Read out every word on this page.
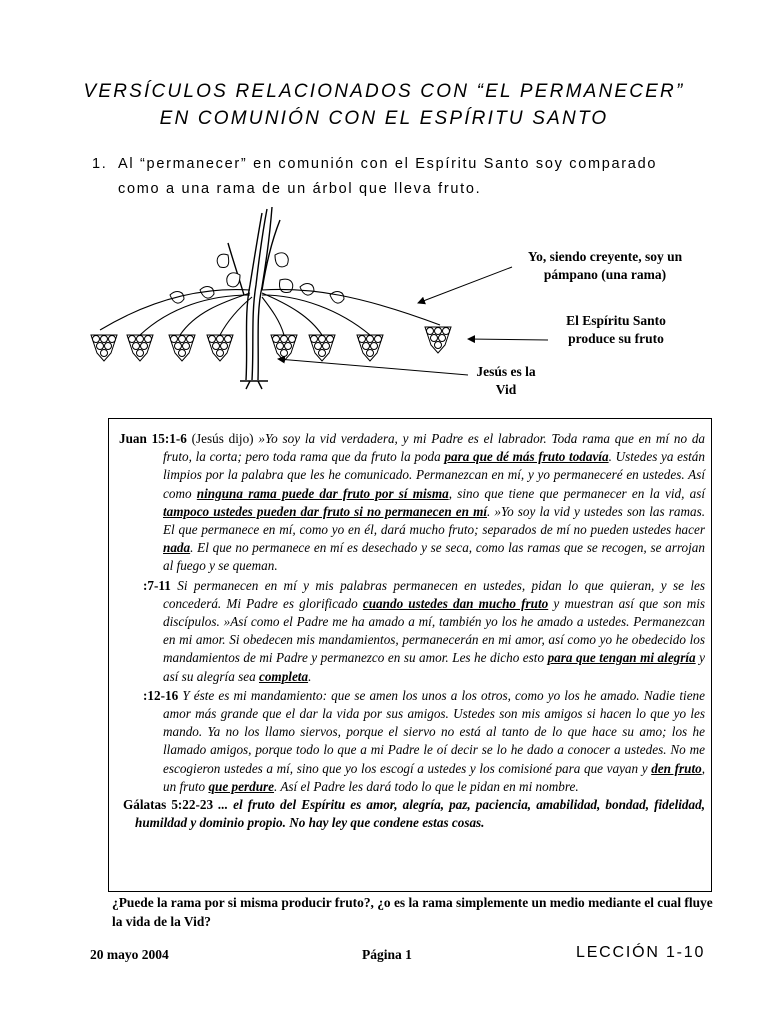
VERSÍCULOS RELACIONADOS CON “EL PERMANECER”
EN COMUNIÓN CON EL ESPÍRITU SANTO
1. Al “permanecer” en comunión con el Espíritu Santo soy comparado
como a una rama de un árbol que lleva fruto.
Yo, siendo creyente, soy un pámpano (una rama)
El Espíritu Santo produce su fruto
Jesús es la Vid
Juan 15:1-6 (Jesús dijo) »Yo soy la vid verdadera, y mi Padre es el labrador. Toda rama que en mí no da fruto, la corta; pero toda rama que da fruto la poda para que dé más fruto todavía. Ustedes ya están limpios por la palabra que les he comunicado. Permanezcan en mí, y yo permaneceré en ustedes. Así como ninguna rama puede dar fruto por sí misma, sino que tiene que permanecer en la vid, así tampoco ustedes pueden dar fruto si no permanecen en mí. »Yo soy la vid y ustedes son las ramas. El que permanece en mí, como yo en él, dará mucho fruto; separados de mí no pueden ustedes hacer nada. El que no permanece en mí es desechado y se seca, como las ramas que se recogen, se arrojan al fuego y se queman.
:7-11 Si permanecen en mí y mis palabras permanecen en ustedes, pidan lo que quieran, y se les concederá. Mi Padre es glorificado cuando ustedes dan mucho fruto y muestran así que son mis discípulos. »Así como el Padre me ha amado a mí, también yo los he amado a ustedes. Permanezcan en mi amor. Si obedecen mis mandamientos, permanecerán en mi amor, así como yo he obedecido los mandamientos de mi Padre y permanezco en su amor. Les he dicho esto para que tengan mi alegría y así su alegría sea completa.
:12-16 Y éste es mi mandamiento: que se amen los unos a los otros, como yo los he amado. Nadie tiene amor más grande que el dar la vida por sus amigos. Ustedes son mis amigos si hacen lo que yo les mando. Ya no los llamo siervos, porque el siervo no está al tanto de lo que hace su amo; los he llamado amigos, porque todo lo que a mi Padre le oí decir se lo he dado a conocer a ustedes. No me escogieron ustedes a mí, sino que yo los escogí a ustedes y los comisioné para que vayan y den fruto, un fruto que perdure. Así el Padre les dará todo lo que le pidan en mi nombre.
Gálatas 5:22-23 ... el fruto del Espíritu es amor, alegría, paz, paciencia, amabilidad, bondad, fidelidad, humildad y dominio propio. No hay ley que condene estas cosas.
¿Puede la rama por si misma producir fruto?, ¿o es la rama simplemente un medio mediante el cual fluye la vida de la Vid?
20 mayo 2004	Página 1	LECCIÓN 1-10
